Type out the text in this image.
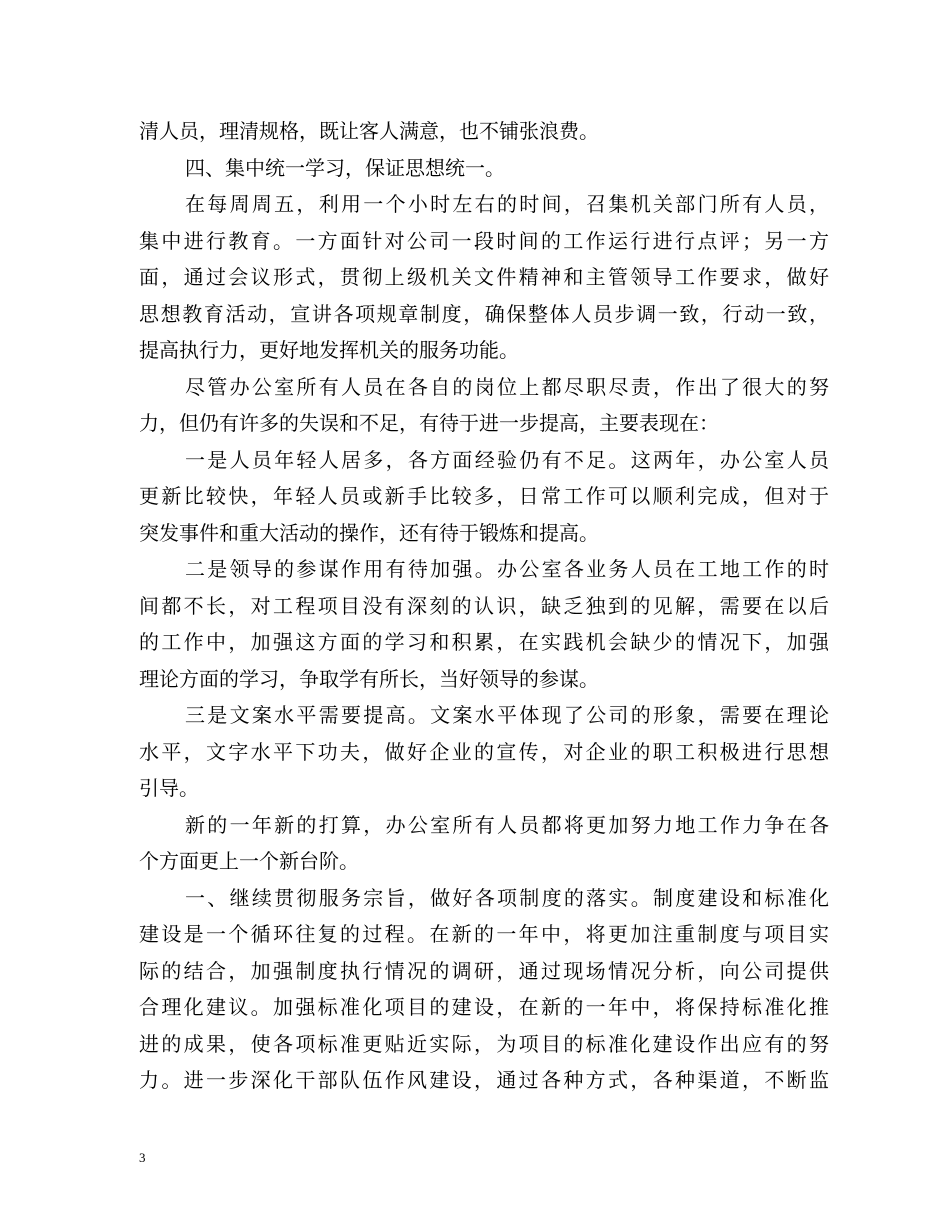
清人员，理清规格，既让客人满意，也不铺张浪费。
四、集中统一学习，保证思想统一。
在每周周五，利用一个小时左右的时间，召集机关部门所有人员，
集中进行教育。一方面针对公司一段时间的工作运行进行点评；另一方
面，通过会议形式，贯彻上级机关文件精神和主管领导工作要求，做好
思想教育活动，宣讲各项规章制度，确保整体人员步调一致，行动一致，
提高执行力，更好地发挥机关的服务功能。
尽管办公室所有人员在各自的岗位上都尽职尽责，作出了很大的努
力，但仍有许多的失误和不足，有待于进一步提高，主要表现在：
一是人员年轻人居多，各方面经验仍有不足。这两年，办公室人员
更新比较快，年轻人员或新手比较多，日常工作可以顺利完成，但对于
突发事件和重大活动的操作，还有待于锻炼和提高。
二是领导的参谋作用有待加强。办公室各业务人员在工地工作的时
间都不长，对工程项目没有深刻的认识，缺乏独到的见解，需要在以后
的工作中，加强这方面的学习和积累，在实践机会缺少的情况下，加强
理论方面的学习，争取学有所长，当好领导的参谋。
三是文案水平需要提高。文案水平体现了公司的形象，需要在理论
水平，文字水平下功夫，做好企业的宣传，对企业的职工积极进行思想
引导。
新的一年新的打算，办公室所有人员都将更加努力地工作力争在各
个方面更上一个新台阶。
一、继续贯彻服务宗旨，做好各项制度的落实。制度建设和标准化
建设是一个循环往复的过程。在新的一年中，将更加注重制度与项目实
际的结合，加强制度执行情况的调研，通过现场情况分析，向公司提供
合理化建议。加强标准化项目的建设，在新的一年中，将保持标准化推
进的成果，使各项标准更贴近实际，为项目的标准化建设作出应有的努
力。进一步深化干部队伍作风建设，通过各种方式，各种渠道，不断监
3
